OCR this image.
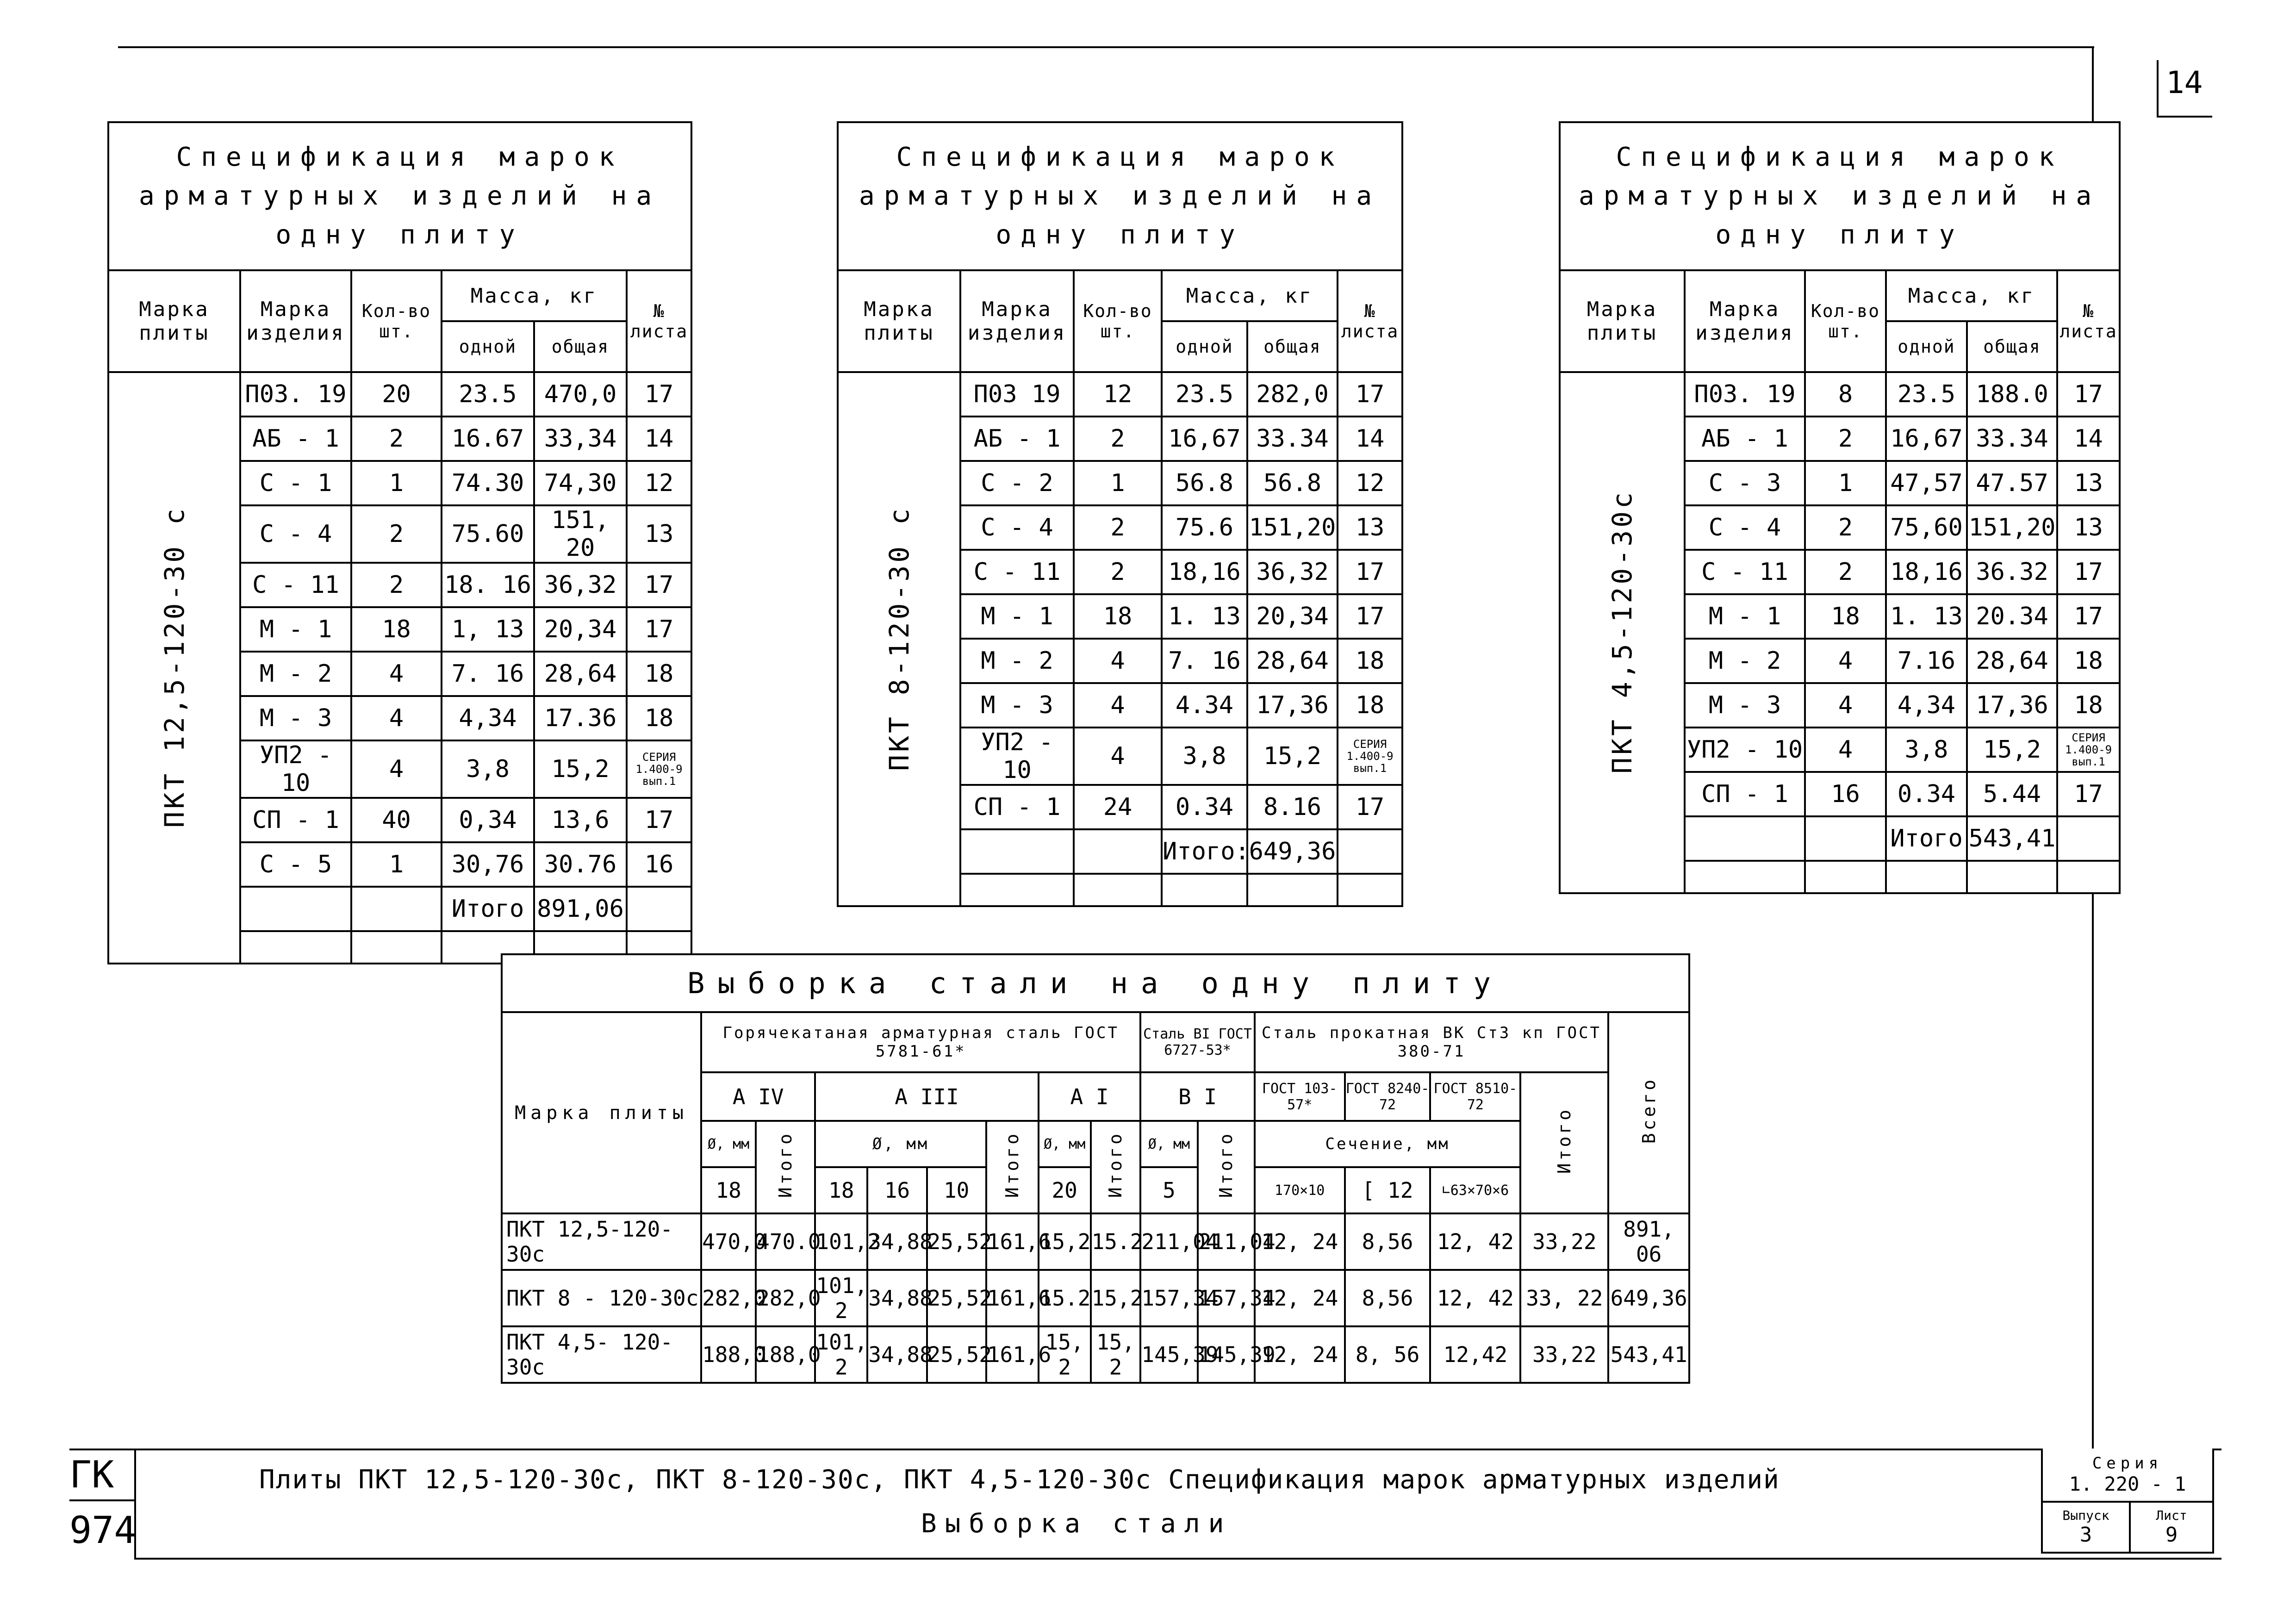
14
Спецификация марок арматурных изделий на одну плиту					
Марка плиты	Марка изделия	Кол-во шт.	Масса, кг		№ листа
			одной	общая	
ПКТ 12,5-120-30 с	П03. 19	20	23.5	470,0	17
	АБ - 1	2	16.67	33,34	14
	С - 1	1	74.30	74,30	12
	С - 4	2	75.60	151, 20	13
	С - 11	2	18. 16	36,32	17
	М - 1	18	1, 13	20,34	17
	М - 2	4	7. 16	28,64	18
	М - 3	4	4,34	17.36	18
	УП2 - 10	4	3,8	15,2	СЕРИЯ 1.400-9 вып.1
	СП - 1	40	0,34	13,6	17
	С - 5	1	30,76	30.76	16
			Итого	891,06	

Спецификация марок арматурных изделий на одну плиту					
Марка плиты	Марка изделия	Кол-во шт.	Масса, кг		№ листа
			одной	общая	
ПКТ 8-120-30 с	П03 19	12	23.5	282,0	17
	АБ - 1	2	16,67	33.34	14
	С - 2	1	56.8	56.8	12
	С - 4	2	75.6	151,20	13
	С - 11	2	18,16	36,32	17
	М - 1	18	1. 13	20,34	17
	М - 2	4	7. 16	28,64	18
	М - 3	4	4.34	17,36	18
	УП2 - 10	4	3,8	15,2	СЕРИЯ 1.400-9 вып.1
	СП - 1	24	0.34	8.16	17
			Итого:	649,36	

Спецификация марок арматурных изделий на одну плиту					
Марка плиты	Марка изделия	Кол-во шт.	Масса, кг		№ листа
			одной	общая	
ПКТ 4,5-120-30с	П03. 19	8	23.5	188.0	17
	АБ - 1	2	16,67	33.34	14
	С - 3	1	47,57	47.57	13
	С - 4	2	75,60	151,20	13
	С - 11	2	18,16	36.32	17
	М - 1	18	1. 13	20.34	17
	М - 2	4	7.16	28,64	18
	М - 3	4	4,34	17,36	18
	УП2 - 10	4	3,8	15,2	СЕРИЯ 1.400-9 вып.1
	СП - 1	16	0.34	5.44	17
			Итого	543,41	

Выборка стали на одну плиту															
Марка плиты	Горячекатаная арматурная сталь ГОСТ 5781-61*								Сталь BI ГОСТ 6727-53*		Сталь прокатная ВК Ст3 кп ГОСТ 380-71				Всего
	А IV		А III				А I		В I		ГОСТ 103-57*	ГОСТ 8240-72	ГОСТ 8510-72	Итого	
	Ø, мм	Итого	Ø, мм			Итого	Ø, мм	Итого	Ø, мм	Итого	Сечение, мм				
	18		18	16	10		20		5		170×10	[ 12	∟63×70×6		
ПКТ 12,5-120-30с	470,0	470.0	101,2	34,88	25,52	161,6	15,2	15.2	211,04	211,04	12, 24	8,56	12, 42	33,22	891, 06
ПКТ 8 - 120-30с	282,0	282,0	101, 2	34,88	25,52	161,6	15.2	15,2	157,34	157,34	12, 24	8,56	12, 42	33, 22	649,36
ПКТ 4,5- 120- 30с	188,0	188,0	101, 2	34,88	25,52	161,6	15, 2	15, 2	145,39	145,39	12, 24	8, 56	12,42	33,22	543,41
ГК
974
Плиты ПКТ 12,5-120-30с, ПКТ 8-120-30с, ПКТ 4,5-120-30с Спецификация марок арматурных изделий
Выборка стали
Серия
1. 220 - 1

Выпуск
3

Лист
9
